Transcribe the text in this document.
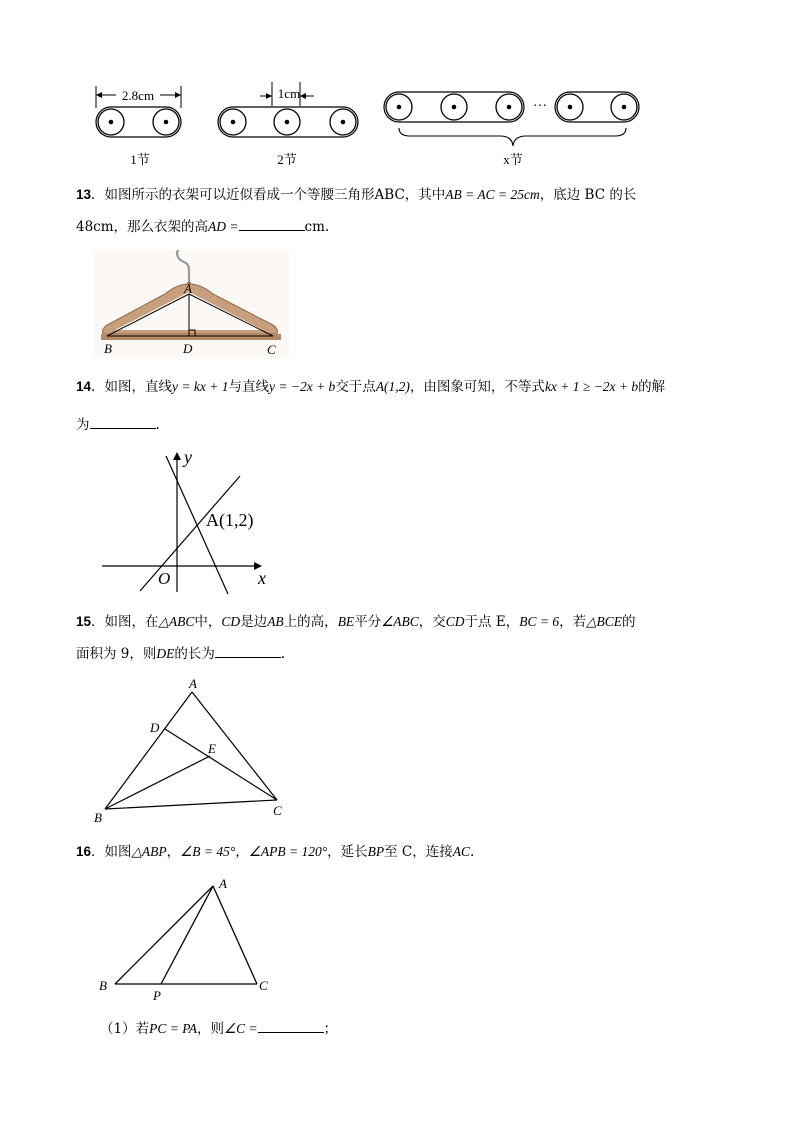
2.8cm
1节
1cm
2节
···
x节
13．如图所示的衣架可以近似看成一个等腰三角形ABC，其中AB = AC = 25cm，底边 BC 的长
48cm，那么衣架的高AD =	cm.
A
B	D	C
14．如图，直线y = kx + 1与直线y = −2x + b交于点A(1,2)，由图象可知，不等式kx + 1 ≥ −2x + b的解
为	.
y
x
O
A(1,2)
15．如图，在△ABC中，CD是边AB上的高，BE平分∠ABC，交CD于点 E，BC = 6，若△BCE的
面积为 9，则DE的长为	.
A
D
E
B	C
16．如图△ABP，∠B = 45°，∠APB = 120°，延长BP至 C，连接AC.
A
B
P
C
（1）若PC = PA，则∠C =	；
